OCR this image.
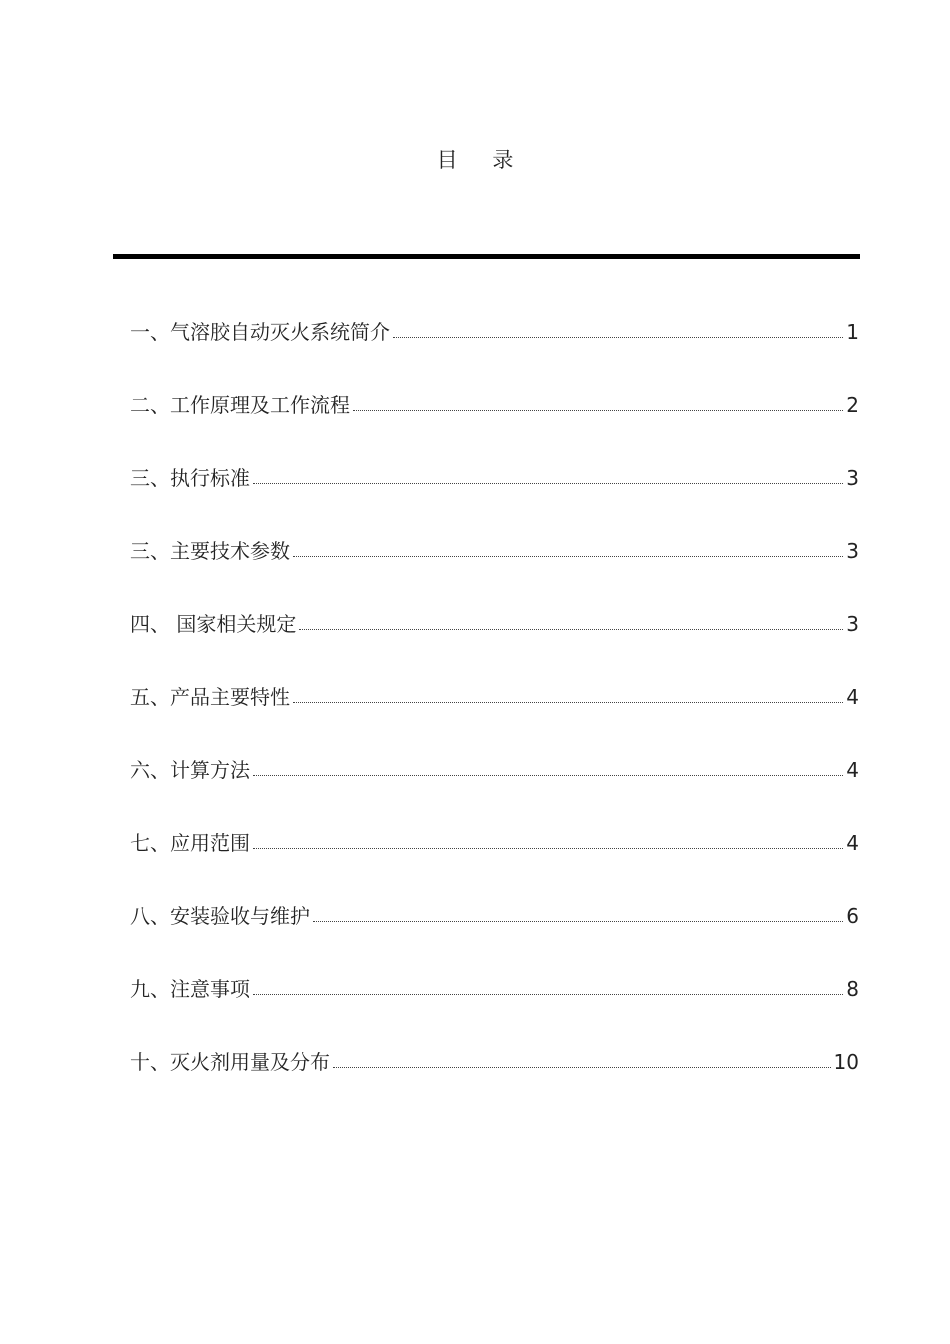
目 录
一、气溶胶自动灭火系统简介	1
二、工作原理及工作流程	2
三、执行标准	3
三、主要技术参数	3
四、 国家相关规定	3
五、产品主要特性	4
六、计算方法	4
七、应用范围	4
八、安装验收与维护	6
九、注意事项	8
十、灭火剂用量及分布	10
